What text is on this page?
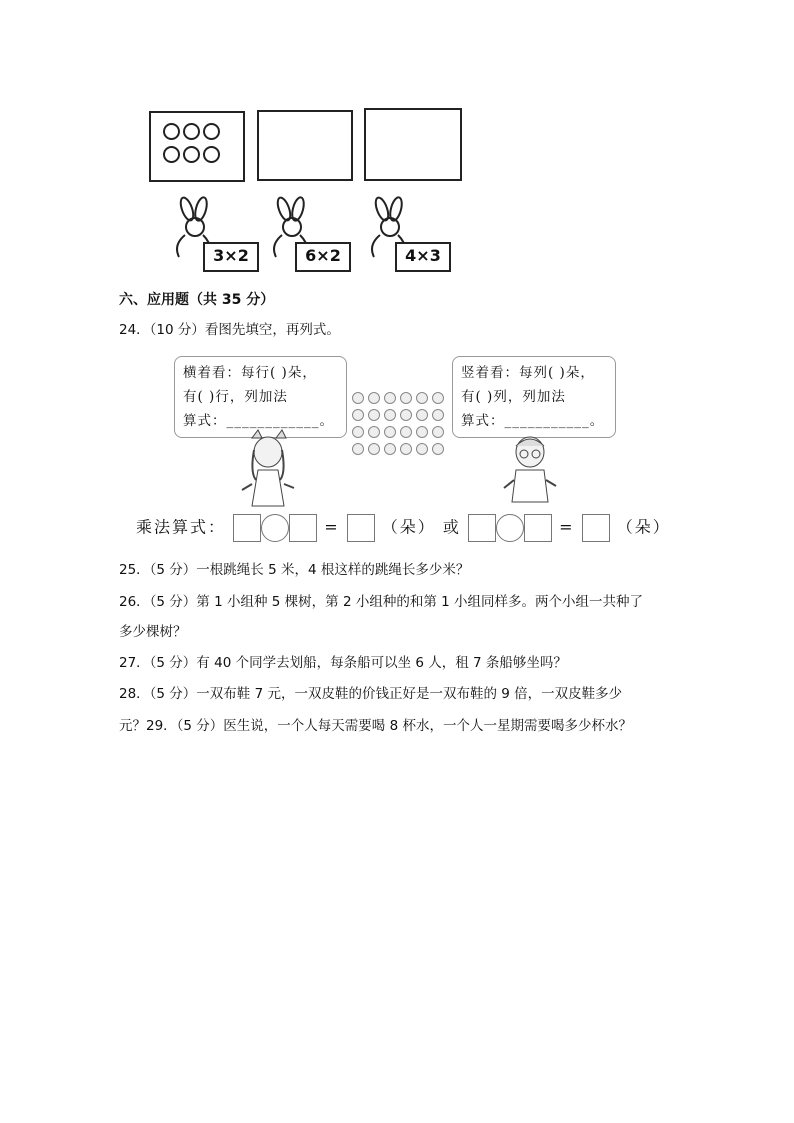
3×2	6×2	4×3
六、应用题（共 35 分）
24．（10 分）看图先填空，再列式。
横着看：每行( )朵，
有( )行，列加法
算式：____________。
竖着看：每列( )朵，
有( )列，列加法
算式：___________。
乘法算式：	=	（朵） 或	=	（朵）
25．（5 分）一根跳绳长 5 米，4 根这样的跳绳长多少米？
26．（5 分）第 1 小组种 5 棵树，第 2 小组种的和第 1 小组同样多。两个小组一共种了
多少棵树？
27．（5 分）有 40 个同学去划船，每条船可以坐 6 人，租 7 条船够坐吗？
28．（5 分）一双布鞋 7 元，一双皮鞋的价钱正好是一双布鞋的 9 倍，一双皮鞋多少
元？29．（5 分）医生说，一个人每天需要喝 8 杯水，一个人一星期需要喝多少杯水？
